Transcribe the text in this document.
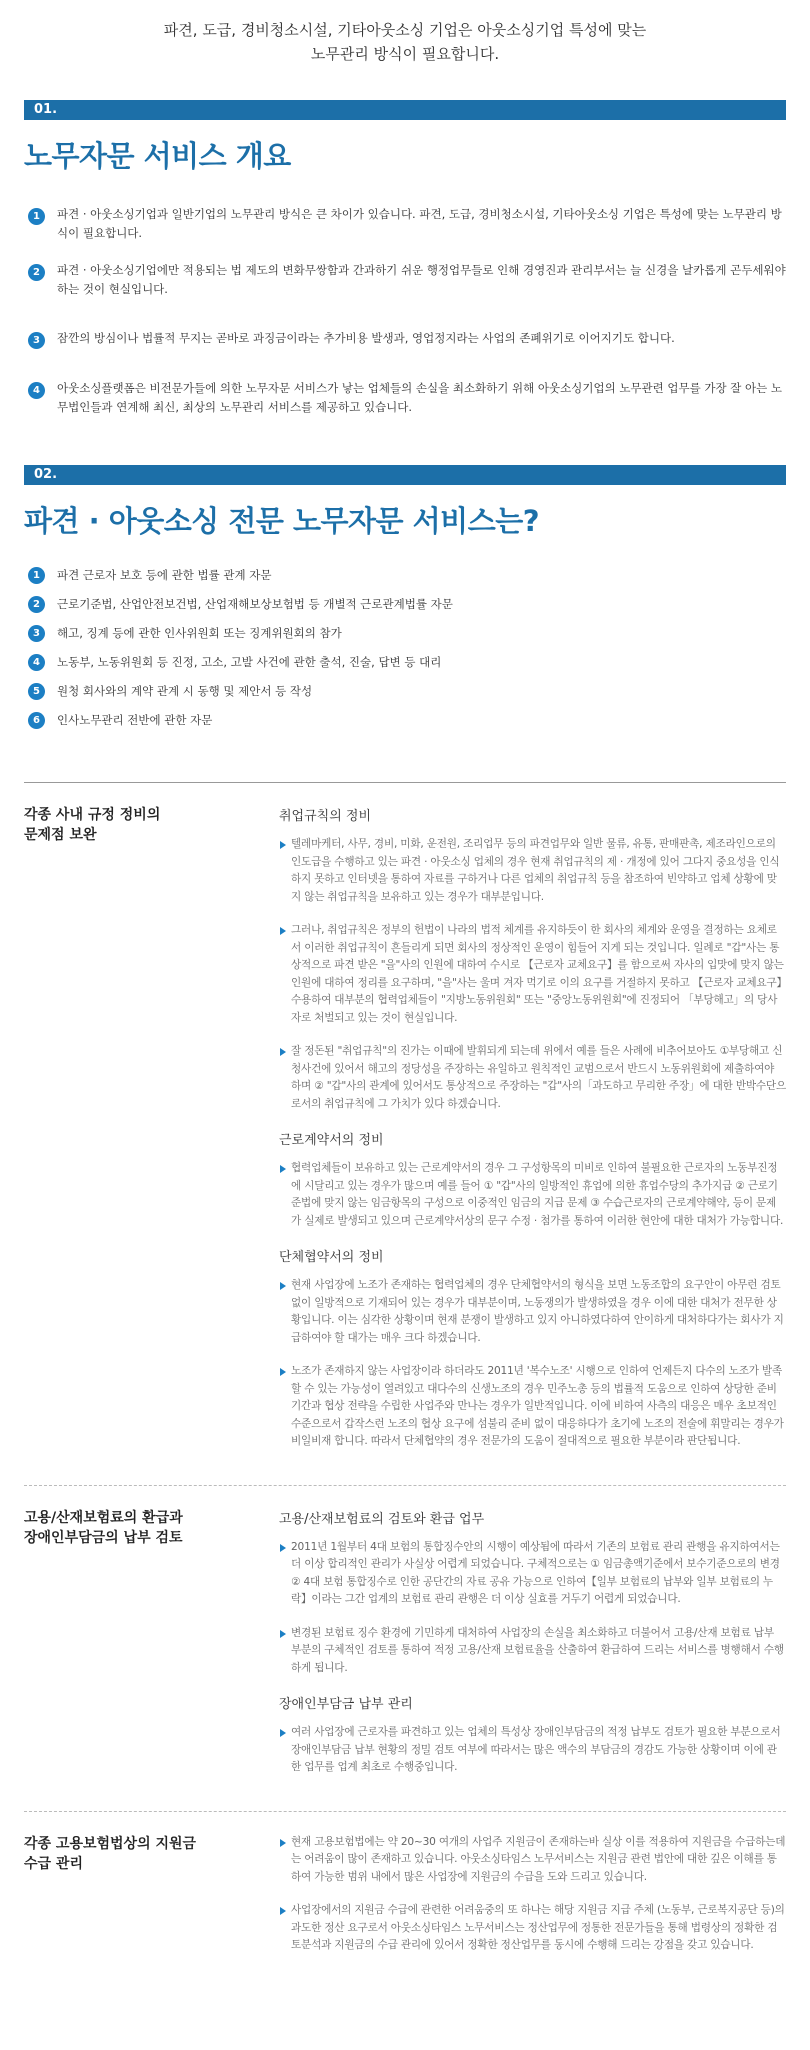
파견, 도급, 경비청소시설, 기타아웃소싱 기업은 아웃소싱기업 특성에 맞는

노무관리 방식이 필요합니다.

01.
노무자문 서비스 개요
1	파견 · 아웃소싱기업과 일반기업의 노무관리 방식은 큰 차이가 있습니다. 파견, 도급, 경비청소시설, 기타아웃소싱 기업은 특성에 맞는 노무관리 방식이 필요합니다.
2	파견 · 아웃소싱기업에만 적용되는 법 제도의 변화무쌍함과 간과하기 쉬운 행정업무들로 인해 경영진과 관리부서는 늘 신경을 날카롭게 곤두세워야 하는 것이 현실입니다.
3	잠깐의 방심이나 법률적 무지는 곧바로 과징금이라는 추가비용 발생과, 영업정지라는 사업의 존폐위기로 이어지기도 합니다.
4	아웃소싱플랫폼은 비전문가들에 의한 노무자문 서비스가 낳는 업체들의 손실을 최소화하기 위해 아웃소싱기업의 노무관련 업무를 가장 잘 아는 노무법인들과 연계해 최신, 최상의 노무관리 서비스를 제공하고 있습니다.
02.
파견 · 아웃소싱 전문 노무자문 서비스는?
1	파견 근로자 보호 등에 관한 법률 관계 자문
2	근로기준법, 산업안전보건법, 산업재해보상보험법 등 개별적 근로관계법률 자문
3	해고, 징계 등에 관한 인사위원회 또는 징계위원회의 참가
4	노동부, 노동위원회 등 진정, 고소, 고발 사건에 관한 출석, 진술, 답변 등 대리
5	원청 회사와의 계약 관계 시 동행 및 제안서 등 작성
6	인사노무관리 전반에 관한 자문
각종 사내 규정 정비의
문제점 보완
취업규칙의 정비
텔레마케터, 사무, 경비, 미화, 운전원, 조리업무 등의 파견업무와 일반 물류, 유통, 판매판촉, 제조라인으로의 인도급을 수행하고 있는 파견 · 아웃소싱 업체의 경우 현재 취업규칙의 제 · 개정에 있어 그다지 중요성을 인식하지 못하고 인터넷을 통하여 자료를 구하거나 다른 업체의 취업규칙 등을 참조하여 빈약하고 업체 상황에 맞지 않는 취업규칙을 보유하고 있는 경우가 대부분입니다.
그러나, 취업규칙은 정부의 헌법이 나라의 법적 체계를 유지하듯이 한 회사의 체계와 운영을 결정하는 요체로서 이러한 취업규칙이 흔들리게 되면 회사의 정상적인 운영이 힘들어 지게 되는 것입니다. 일례로 "갑"사는 통상적으로 파견 받은 "을"사의 인원에 대하여 수시로 【근로자 교체요구】를 함으로써 자사의 입맛에 맞지 않는 인원에 대하여 정리를 요구하며, "을"사는 울며 겨자 먹기로 이의 요구를 거절하지 못하고 【근로자 교체요구】수용하여 대부분의 협력업체들이 "지방노동위원회" 또는 "중앙노동위원회"에 진정되어 「부당해고」의 당사자로 처벌되고 있는 것이 현실입니다.
잘 정돈된 "취업규칙"의 진가는 이때에 발휘되게 되는데 위에서 예를 들은 사례에 비추어보아도 ①부당해고 신청사건에 있어서 해고의 정당성을 주장하는 유일하고 원칙적인 교범으로서 반드시 노동위원회에 제출하여야 하며 ② "갑"사의 관계에 있어서도 통상적으로 주장하는 "갑"사의「과도하고 무리한 주장」에 대한 반박수단으로서의 취업규칙에 그 가치가 있다 하겠습니다.
근로계약서의 정비
협력업체들이 보유하고 있는 근로계약서의 경우 그 구성항목의 미비로 인하여 불필요한 근로자의 노동부진정에 시달리고 있는 경우가 많으며 예를 들어 ① "갑"사의 일방적인 휴업에 의한 휴업수당의 추가지급 ② 근로기준법에 맞지 않는 임금항목의 구성으로 이중적인 임금의 지급 문제 ③ 수습근로자의 근로계약해약, 등이 문제가 실제로 발생되고 있으며 근로계약서상의 문구 수정 · 첨가를 통하여 이러한 현안에 대한 대처가 가능합니다.
단체협약서의 정비
현재 사업장에 노조가 존재하는 협력업체의 경우 단체협약서의 형식을 보면 노동조합의 요구안이 아무런 검토 없이 일방적으로 기재되어 있는 경우가 대부분이며, 노동쟁의가 발생하였을 경우 이에 대한 대처가 전무한 상황입니다. 이는 심각한 상황이며 현재 분쟁이 발생하고 있지 아니하였다하여 안이하게 대처하다가는 회사가 지급하여야 할 대가는 매우 크다 하겠습니다.
노조가 존재하지 않는 사업장이라 하더라도 2011년 '복수노조' 시행으로 인하여 언제든지 다수의 노조가 발족할 수 있는 가능성이 열려있고 대다수의 신생노조의 경우 민주노총 등의 법률적 도움으로 인하여 상당한 준비 기간과 협상 전략을 수립한 사업주와 만나는 경우가 일반적입니다. 이에 비하여 사측의 대응은 매우 초보적인 수준으로서 갑작스런 노조의 협상 요구에 섬불리 준비 없이 대응하다가 초기에 노조의 전술에 휘말리는 경우가 비일비재 합니다. 따라서 단체협약의 경우 전문가의 도움이 절대적으로 필요한 부분이라 판단됩니다.
고용/산재보험료의 환급과
장애인부담금의 납부 검토
고용/산재보험료의 검토와 환급 업무
2011년 1월부터 4대 보험의 통합징수안의 시행이 예상됨에 따라서 기존의 보험료 관리 관행을 유지하여서는 더 이상 합리적인 관리가 사실상 어렵게 되었습니다. 구체적으로는 ① 임금총액기준에서 보수기준으로의 변경 ② 4대 보험 통합징수로 인한 공단간의 자료 공유 가능으로 인하여【일부 보험료의 납부와 일부 보험료의 누락】이라는 그간 업계의 보험료 관리 관행은 더 이상 실효를 거두기 어렵게 되었습니다.
변경된 보험료 징수 환경에 기민하게 대처하여 사업장의 손실을 최소화하고 더불어서 고용/산재 보험료 납부 부분의 구체적인 검토를 통하여 적정 고용/산재 보험료율을 산출하여 환급하여 드리는 서비스를 병행해서 수행하게 됩니다.
장애인부담금 납부 관리
여러 사업장에 근로자를 파견하고 있는 업체의 특성상 장애인부담금의 적정 납부도 검토가 필요한 부분으로서 장애인부담금 납부 현황의 정밀 검토 여부에 따라서는 많은 액수의 부담금의 경감도 가능한 상황이며 이에 관한 업무를 업계 최초로 수행중입니다.
각종 고용보험법상의 지원금
수급 관리
현재 고용보험법에는 약 20~30 여개의 사업주 지원금이 존재하는바 실상 이를 적용하여 지원금을 수급하는데는 어려움이 많이 존재하고 있습니다. 아웃소싱타임스 노무서비스는 지원금 관련 법안에 대한 깊은 이해를 통하여 가능한 범위 내에서 많은 사업장에 지원금의 수급을 도와 드리고 있습니다.
사업장에서의 지원금 수급에 관련한 어려움중의 또 하나는 해당 지원금 지급 주체 (노동부, 근로복지공단 등)의 과도한 정산 요구로서 아웃소싱타임스 노무서비스는 정산업무에 정통한 전문가들을 통해 법령상의 정확한 검토분석과 지원금의 수급 관리에 있어서 정확한 정산업무를 동시에 수행해 드리는 강점을 갖고 있습니다.
